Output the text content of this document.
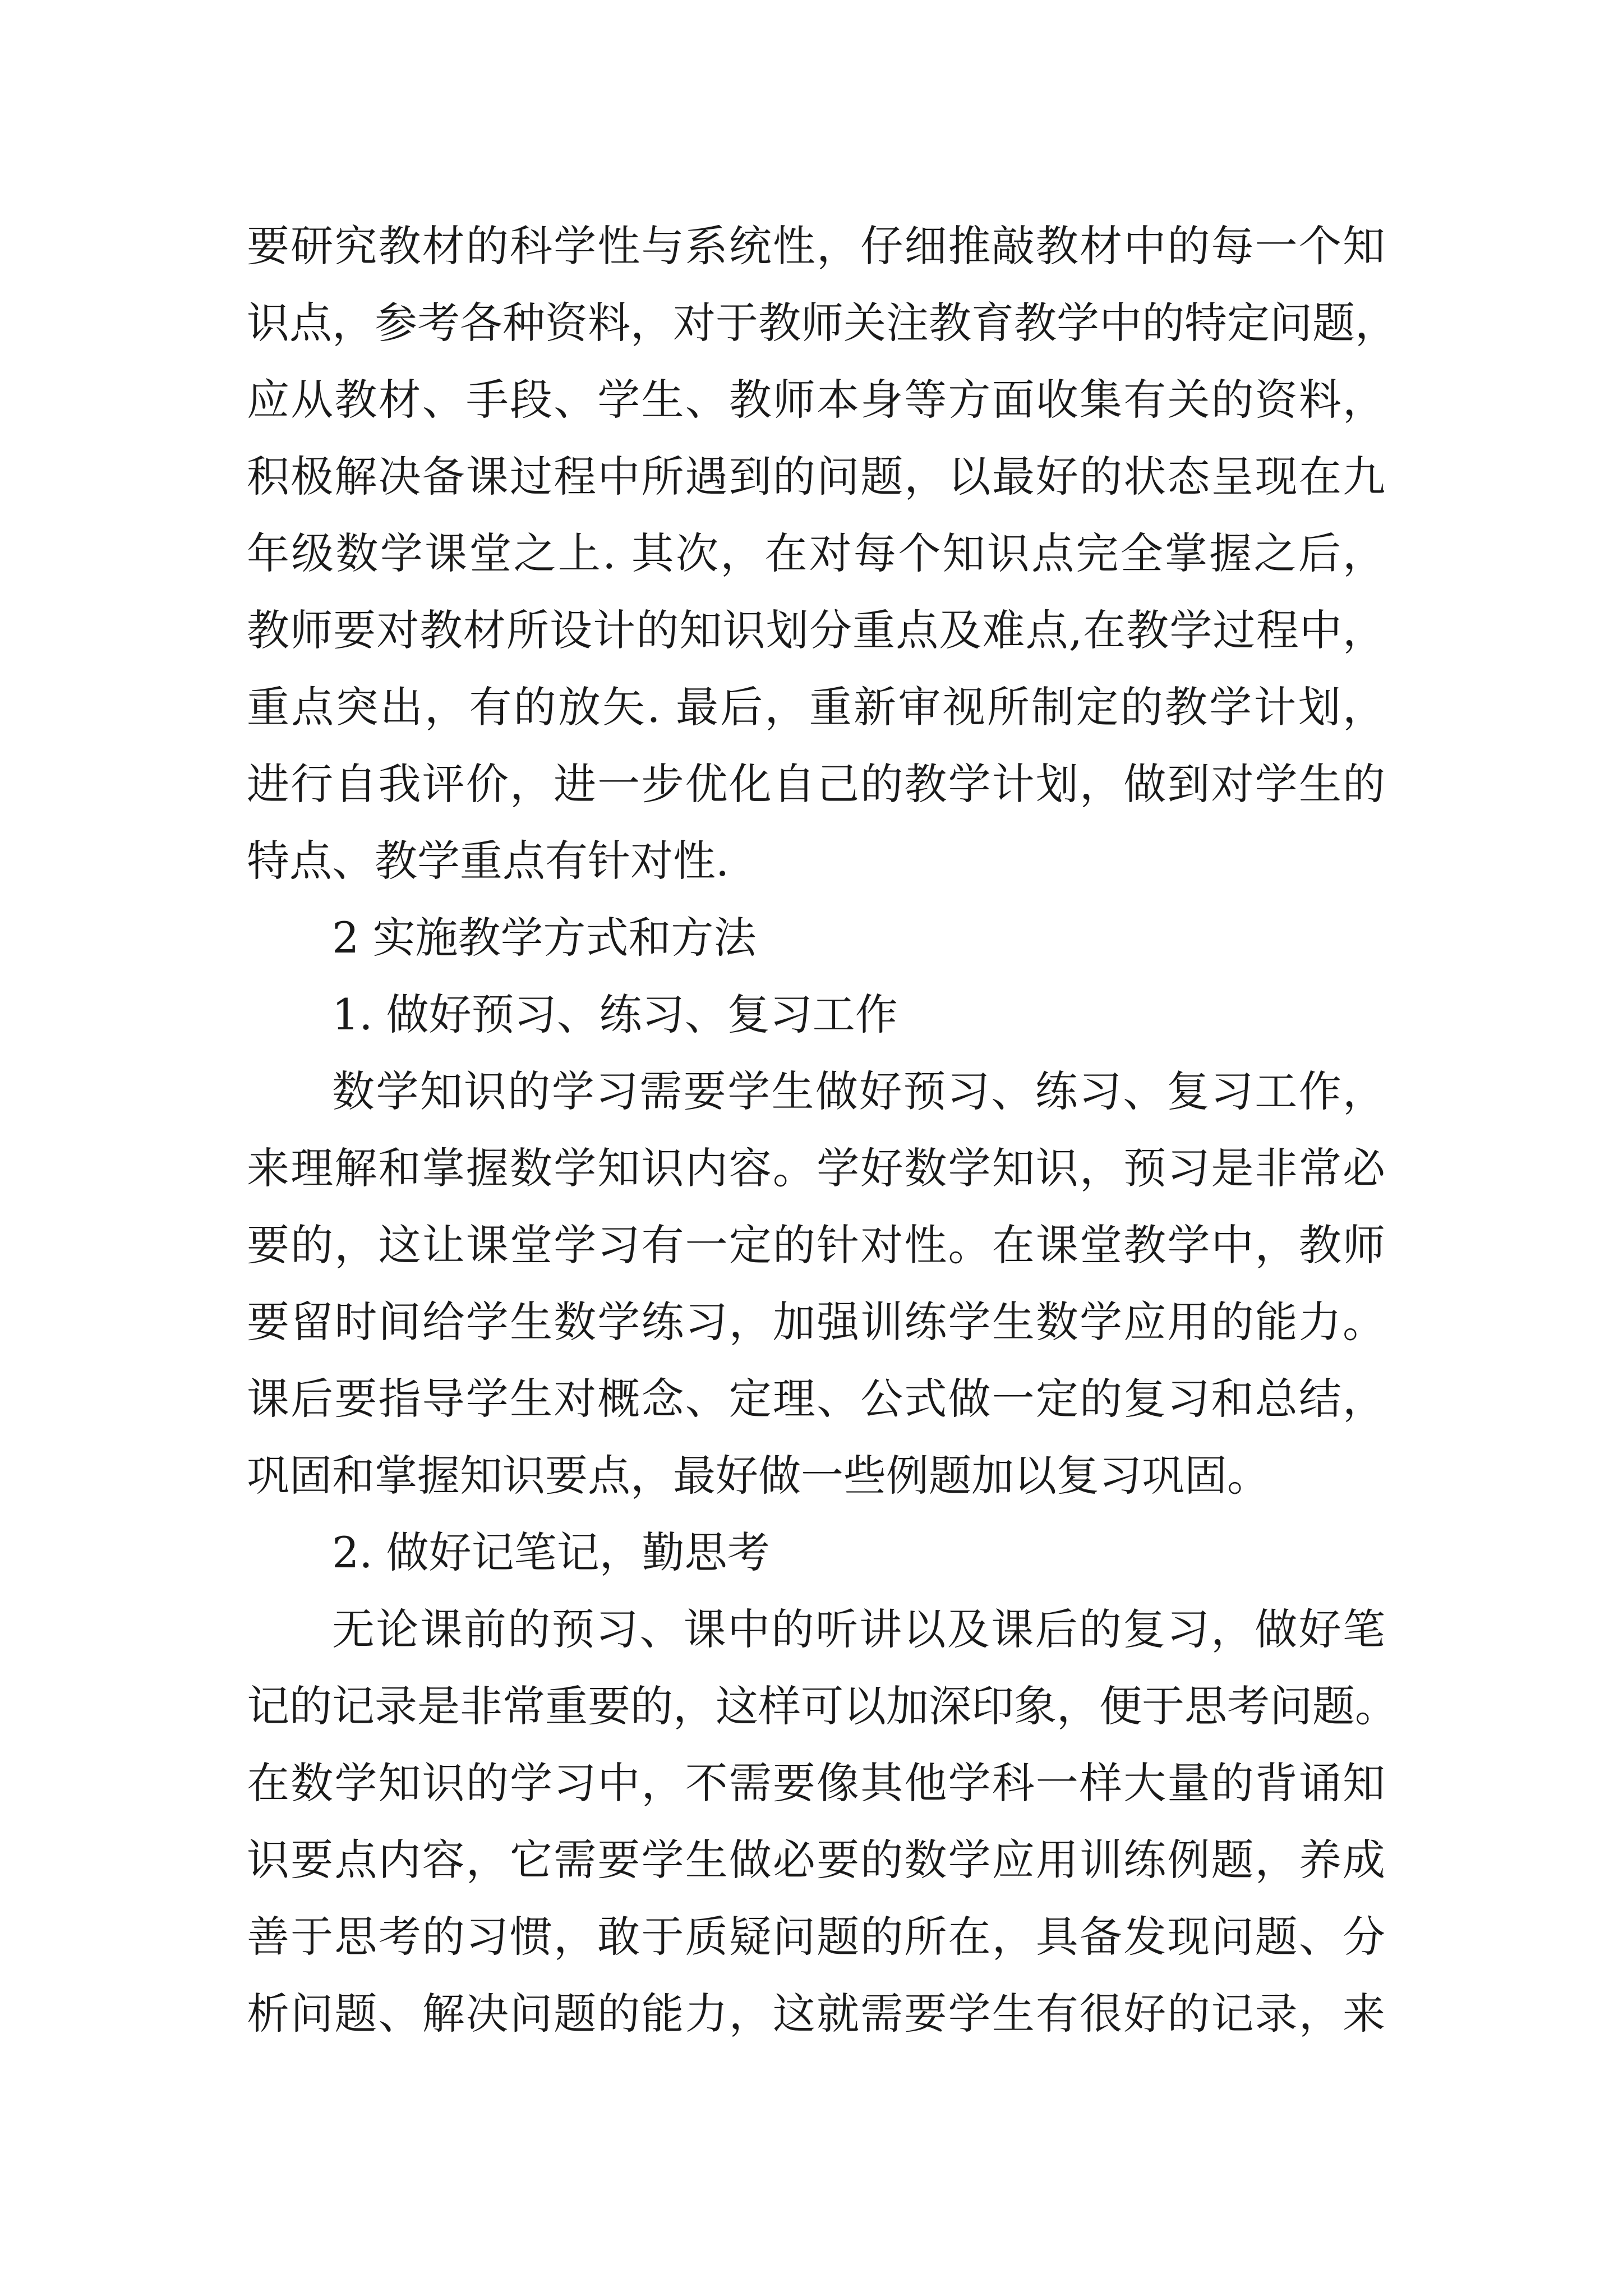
要研究教材的科学性与系统性，仔细推敲教材中的每一个知
识点，参考各种资料，对于教师关注教育教学中的特定问题，
应从教材、手段、学生、教师本身等方面收集有关的资料，
积极解决备课过程中所遇到的问题，以最好的状态呈现在九
年级数学课堂之上. 其次，在对每个知识点完全掌握之后，
教师要对教材所设计的知识划分重点及难点,在教学过程中，
重点突出，有的放矢. 最后，重新审视所制定的教学计划，
进行自我评价，进一步优化自己的教学计划，做到对学生的
特点、教学重点有针对性.
2 实施教学方式和方法
1. 做好预习、练习、复习工作
数学知识的学习需要学生做好预习、练习、复习工作，
来理解和掌握数学知识内容。学好数学知识，预习是非常必
要的，这让课堂学习有一定的针对性。在课堂教学中，教师
要留时间给学生数学练习，加强训练学生数学应用的能力。
课后要指导学生对概念、定理、公式做一定的复习和总结，
巩固和掌握知识要点，最好做一些例题加以复习巩固。
2. 做好记笔记，勤思考
无论课前的预习、课中的听讲以及课后的复习，做好笔
记的记录是非常重要的，这样可以加深印象，便于思考问题。
在数学知识的学习中，不需要像其他学科一样大量的背诵知
识要点内容，它需要学生做必要的数学应用训练例题，养成
善于思考的习惯，敢于质疑问题的所在，具备发现问题、分
析问题、解决问题的能力，这就需要学生有很好的记录，来
